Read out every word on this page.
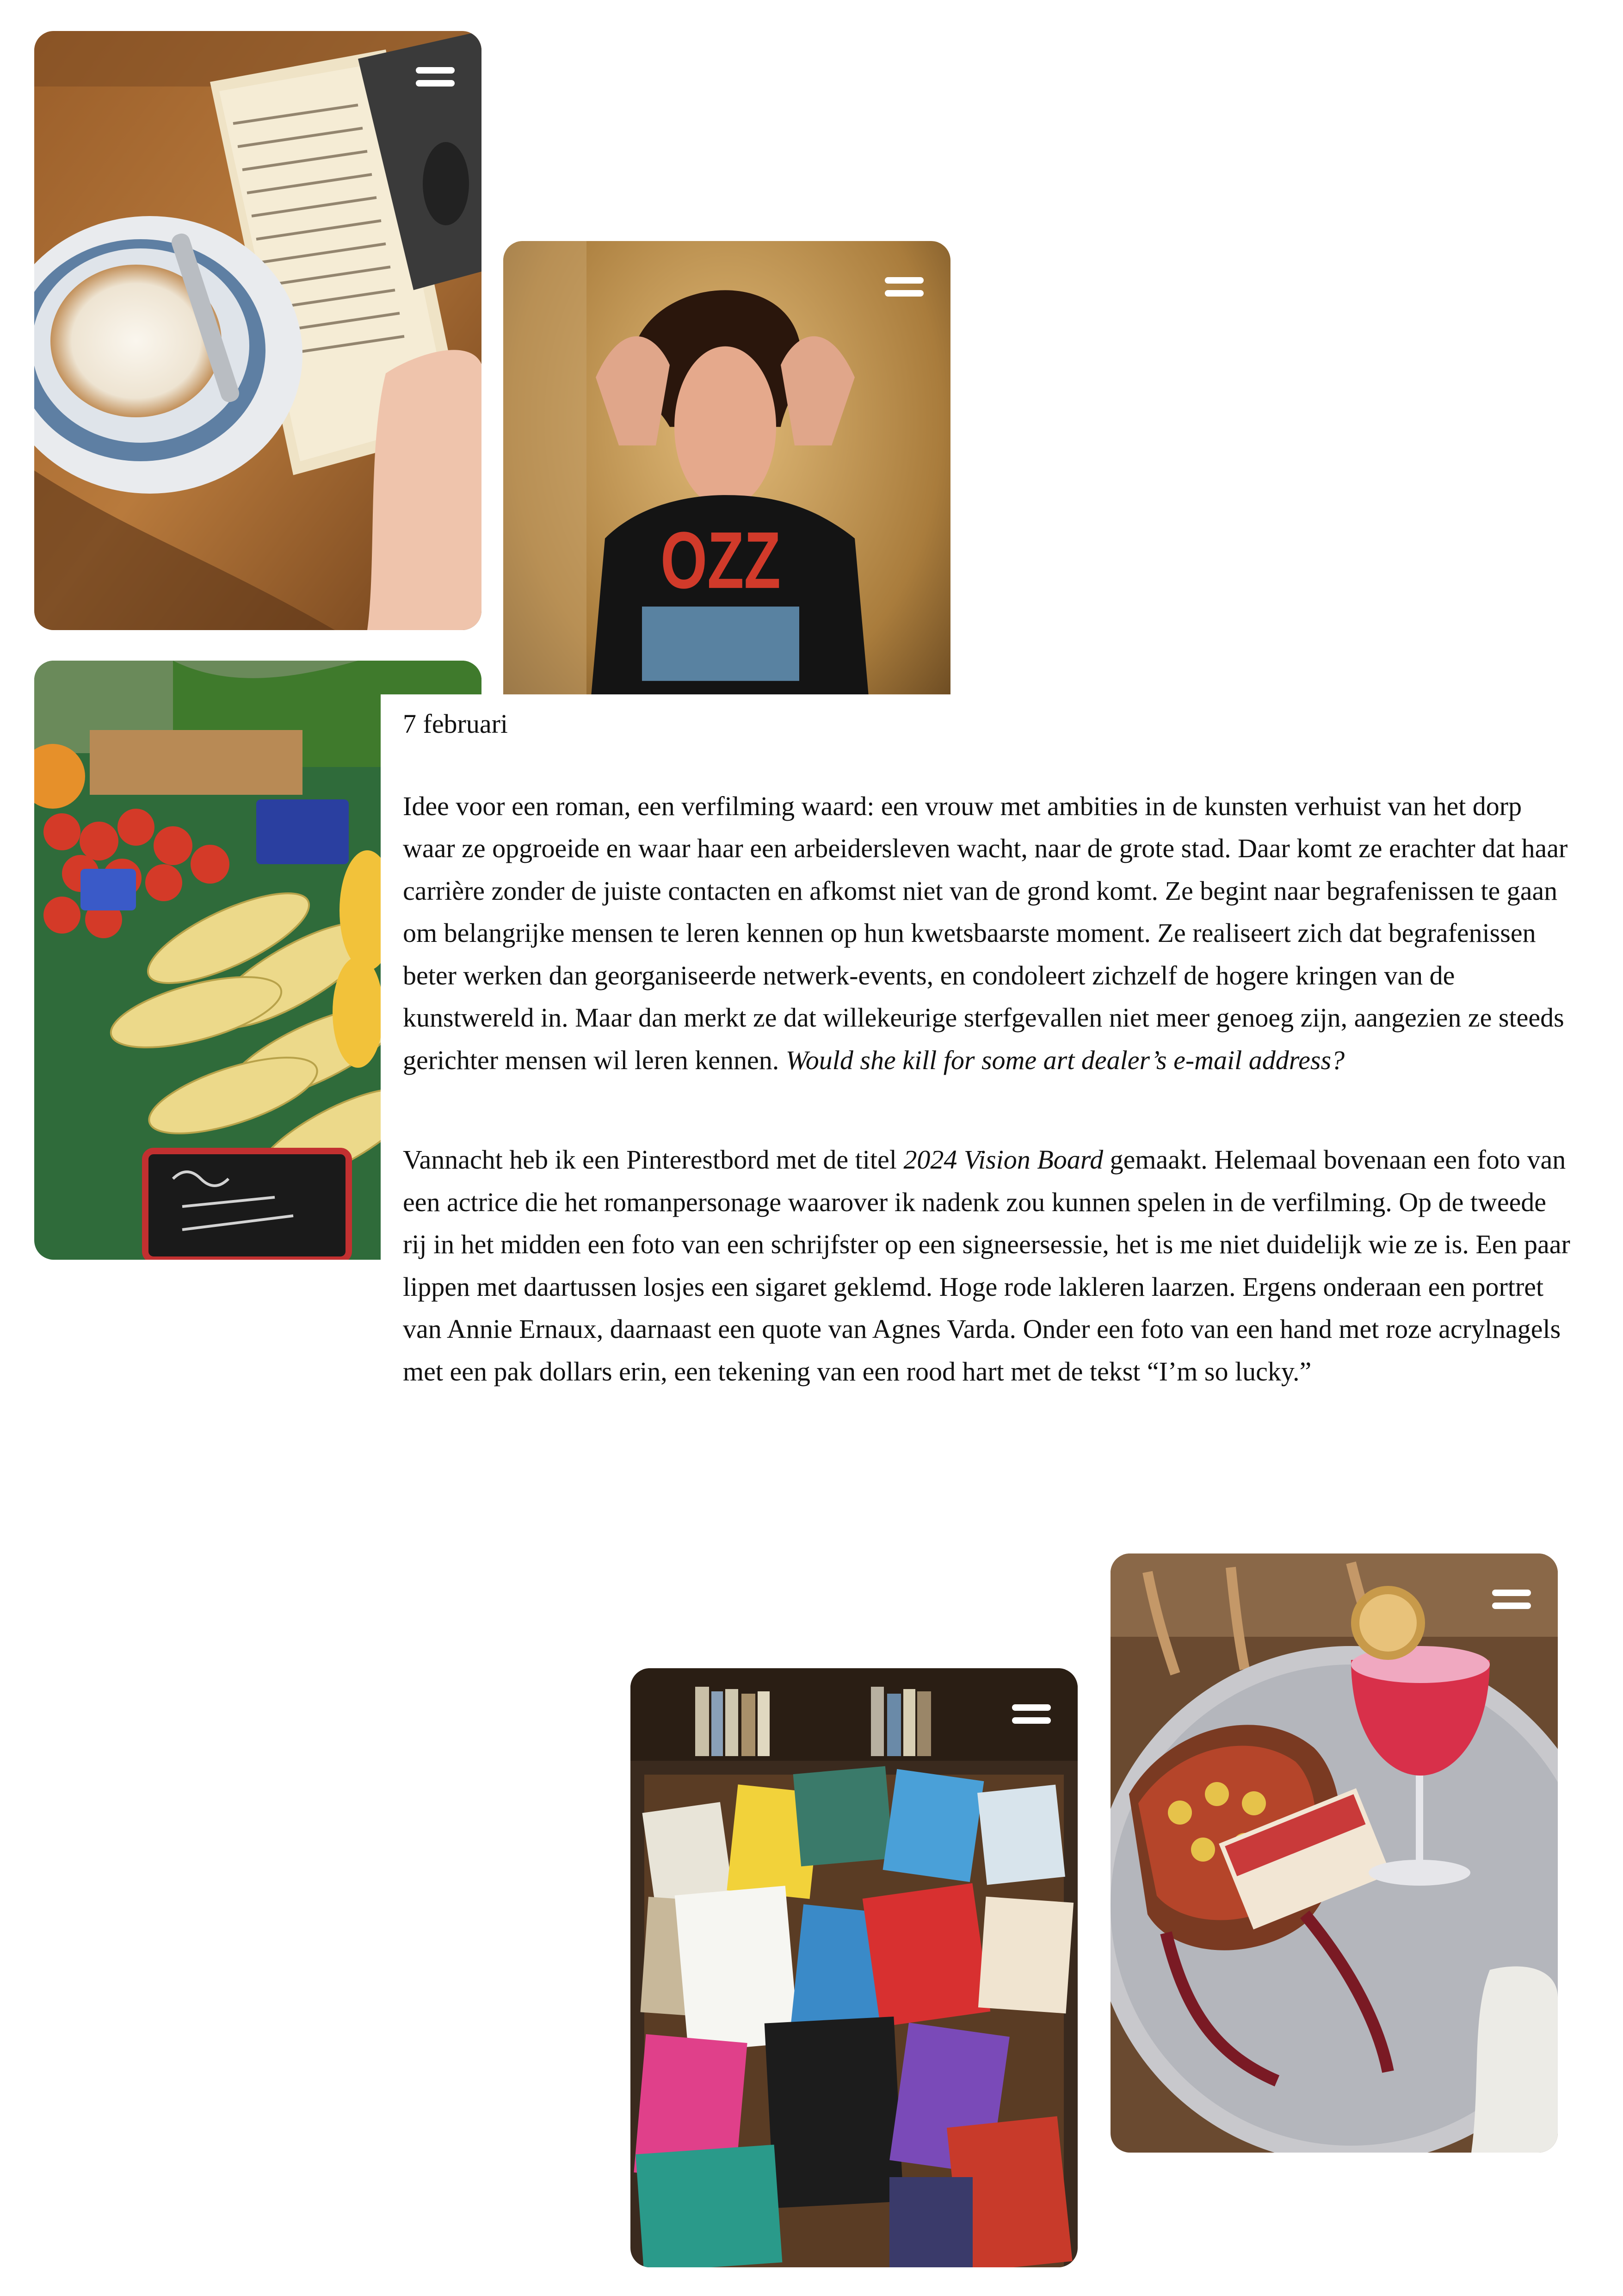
OZZ

7 februari

Idee voor een roman, een verfilming waard: een vrouw met ambities in de kunsten verhuist van het dorp waar ze opgroeide en waar haar een arbeidersleven wacht, naar de grote stad. Daar komt ze erachter dat haar carrière zonder de juiste contacten en afkomst niet van de grond komt. Ze begint naar begrafenissen te gaan om belangrijke mensen te leren kennen op hun kwetsbaarste moment. Ze realiseert zich dat begrafenissen beter werken dan georganiseerde netwerk-events, en condoleert zichzelf de hogere kringen van de kunstwereld in. Maar dan merkt ze dat willekeurige sterfgevallen niet meer genoeg zijn, aangezien ze steeds gerichter mensen wil leren kennen. Would she kill for some art dealer’s e-mail address?

Vannacht heb ik een Pinterestbord met de titel 2024 Vision Board gemaakt. Helemaal bovenaan een foto van een actrice die het romanpersonage waarover ik nadenk zou kunnen spelen in de verfilming. Op de tweede rij in het midden een foto van een schrijfster op een signeersessie, het is me niet duidelijk wie ze is. Een paar lippen met daartussen losjes een sigaret geklemd. Hoge rode lakleren laarzen. Ergens onderaan een portret van Annie Ernaux, daarnaast een quote van Agnes Varda. Onder een foto van een hand met roze acrylnagels met een pak dollars erin, een tekening van een rood hart met de tekst “I’m so lucky.”
